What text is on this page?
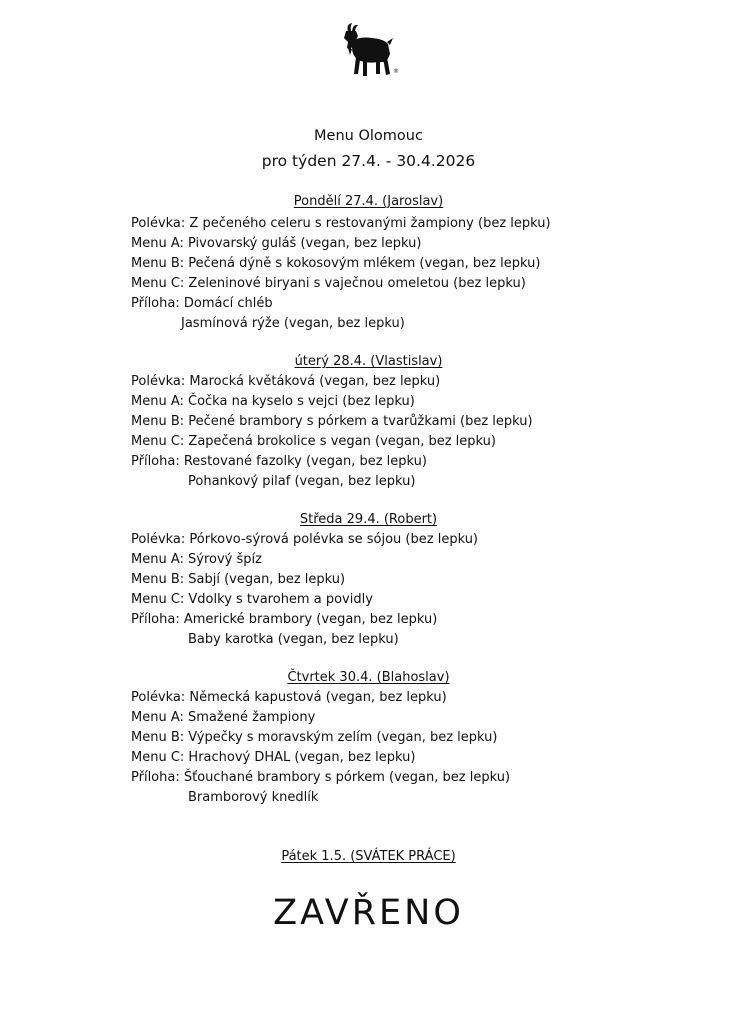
®
Menu Olomouc
pro týden 27.4. - 30.4.2026
Pondělí 27.4. (Jaroslav)
Polévka: Z pečeného celeru s restovanými žampiony (bez lepku)
Menu A: Pivovarský guláš (vegan, bez lepku)
Menu B: Pečená dýně s kokosovým mlékem (vegan, bez lepku)
Menu C: Zeleninové biryani s vaječnou omeletou (bez lepku)
Příloha: Domácí chléb
Jasmínová rýže (vegan, bez lepku)
úterý 28.4. (Vlastislav)
Polévka: Marocká květáková (vegan, bez lepku)
Menu A: Čočka na kyselo s vejci (bez lepku)
Menu B: Pečené brambory s pórkem a tvarůžkami (bez lepku)
Menu C: Zapečená brokolice s vegan (vegan, bez lepku)
Příloha: Restované fazolky (vegan, bez lepku)
Pohankový pilaf (vegan, bez lepku)
Středa 29.4. (Robert)
Polévka: Pórkovo-sýrová polévka se sójou (bez lepku)
Menu A: Sýrový špíz
Menu B: Sabjí (vegan, bez lepku)
Menu C: Vdolky s tvarohem a povidly
Příloha: Americké brambory (vegan, bez lepku)
Baby karotka (vegan, bez lepku)
Čtvrtek 30.4. (Blahoslav)
Polévka: Německá kapustová (vegan, bez lepku)
Menu A: Smažené žampiony
Menu B: Výpečky s moravským zelím (vegan, bez lepku)
Menu C: Hrachový DHAL (vegan, bez lepku)
Příloha: Šťouchané brambory s pórkem (vegan, bez lepku)
Bramborový knedlík
Pátek 1.5. (SVÁTEK PRÁCE)
ZAVŘENO
